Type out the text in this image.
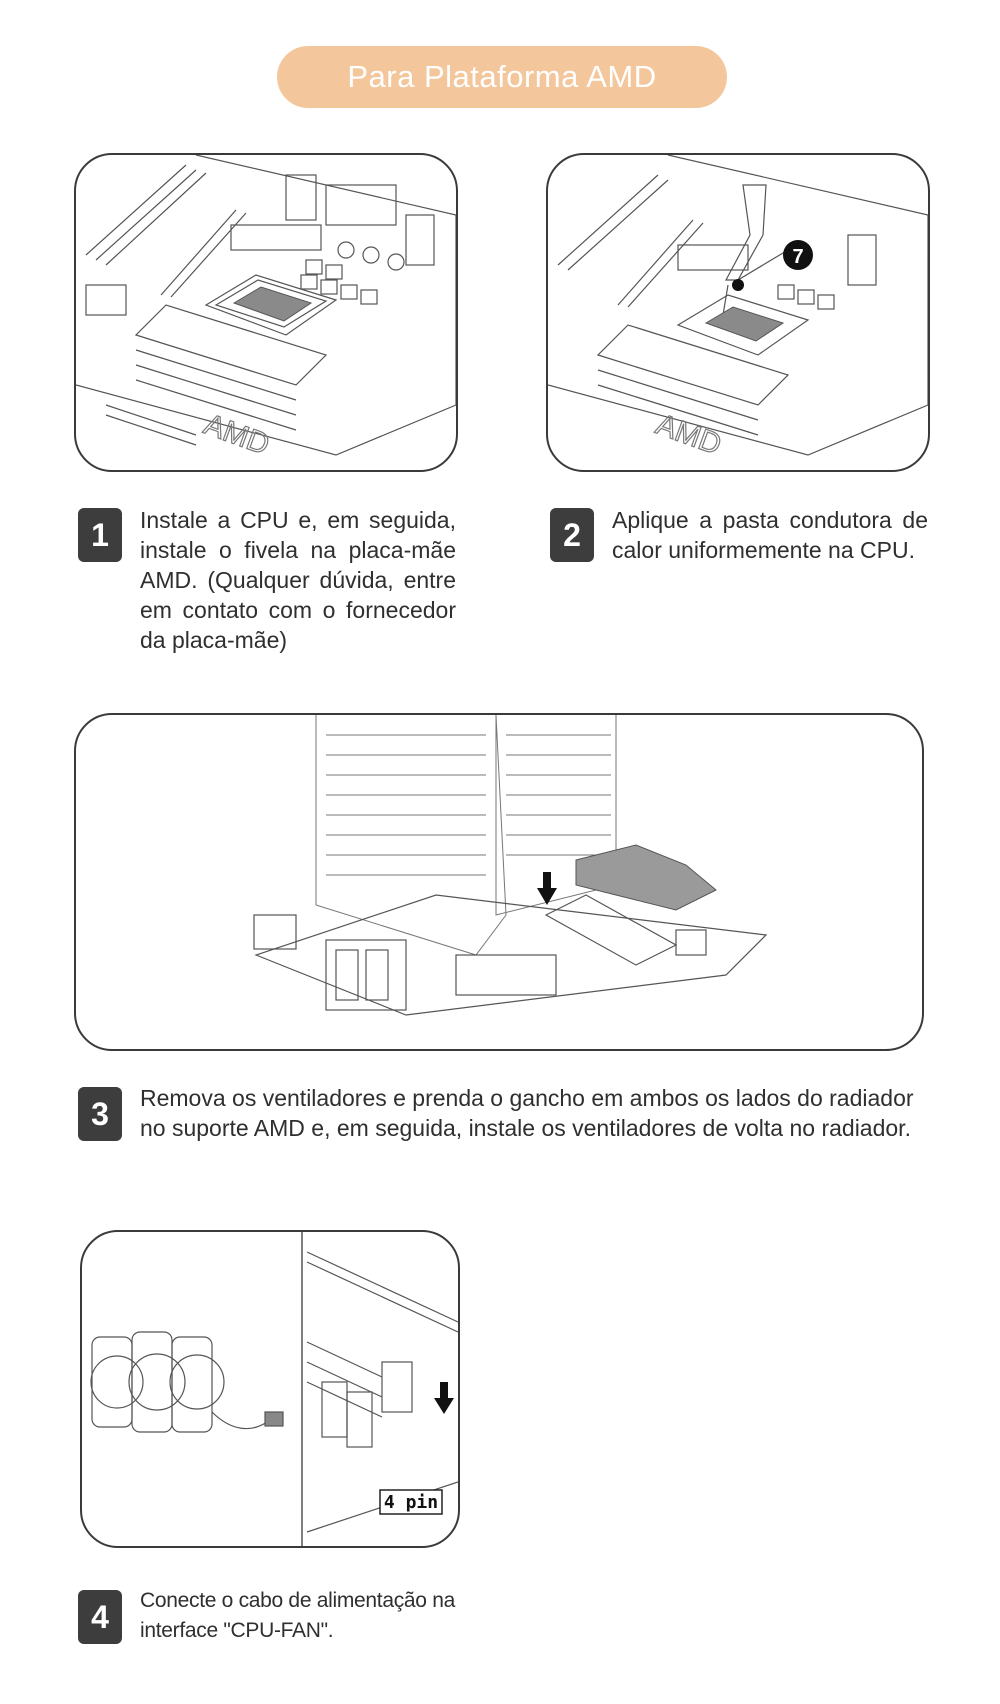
Para Plataforma AMD
AMD
7
AMD
1 Instale a CPU e, em seguida, instale o fivela na placa-mãe AMD. (Qualquer dúvida, entre em contato com o fornecedor da placa-mãe)
2 Aplique a pasta condutora de calor uniformemente na CPU.
3 Remova os ventiladores e prenda o gancho em ambos os lados do radiador no suporte AMD e, em seguida, instale os ventiladores de volta no radiador.
4 pin
4 Conecte o cabo de alimentação na interface "CPU-FAN".
